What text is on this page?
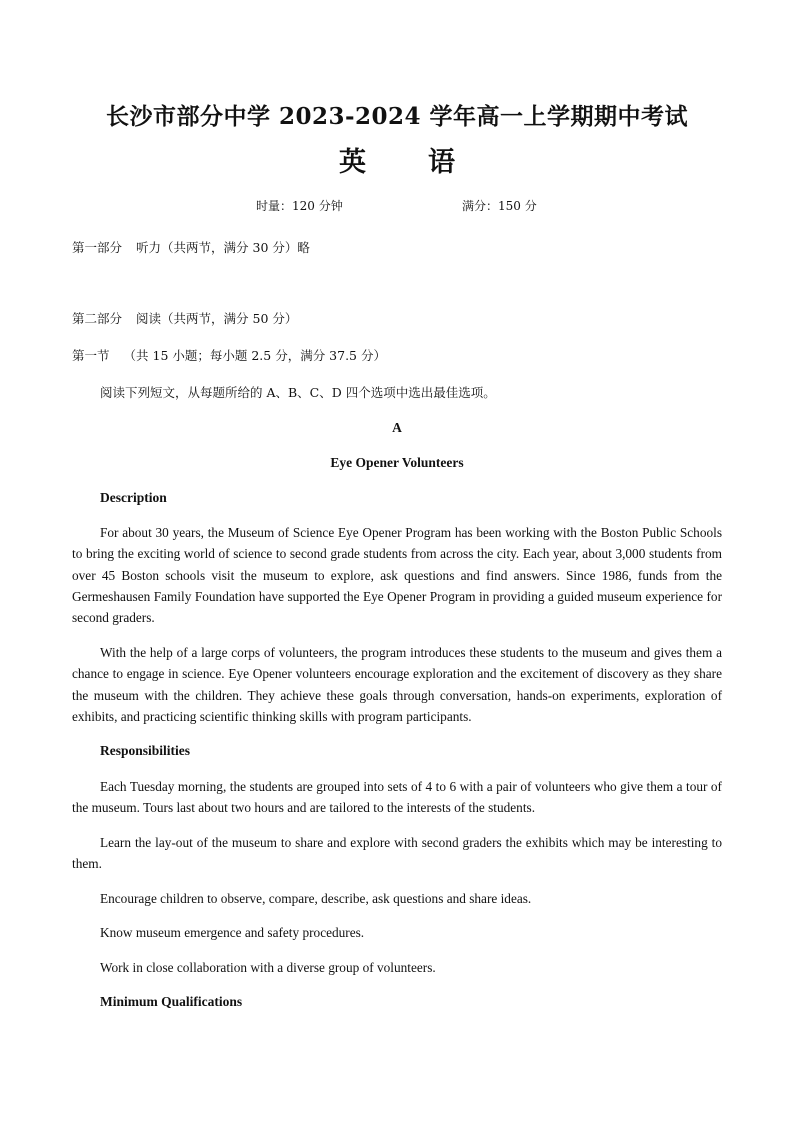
长沙市部分中学 2023-2024 学年高一上学期期中考试
英 语
时量：120 分钟	满分：150 分
第一部分 听力（共两节，满分 30 分）略
第二部分 阅读（共两节，满分 50 分）
第一节 （共 15 小题；每小题 2.5 分，满分 37.5 分）
阅读下列短文，从每题所给的 A、B、C、D 四个选项中选出最佳选项。
A
Eye Opener Volunteers
Description

For about 30 years, the Museum of Science Eye Opener Program has been working with the Boston Public Schools to bring the exciting world of science to second grade students from across the city. Each year, about 3,000 students from over 45 Boston schools visit the museum to explore, ask questions and find answers. Since 1986, funds from the Germeshausen Family Foundation have supported the Eye Opener Program in providing a guided museum experience for second graders.

With the help of a large corps of volunteers, the program introduces these students to the museum and gives them a chance to engage in science. Eye Opener volunteers encourage exploration and the excitement of discovery as they share the museum with the children. They achieve these goals through conversation, hands-on experiments, exploration of exhibits, and practicing scientific thinking skills with program participants.

Responsibilities

Each Tuesday morning, the students are grouped into sets of 4 to 6 with a pair of volunteers who give them a tour of the museum. Tours last about two hours and are tailored to the interests of the students.

Learn the lay-out of the museum to share and explore with second graders the exhibits which may be interesting to them.

Encourage children to observe, compare, describe, ask questions and share ideas.

Know museum emergence and safety procedures.

Work in close collaboration with a diverse group of volunteers.

Minimum Qualifications
